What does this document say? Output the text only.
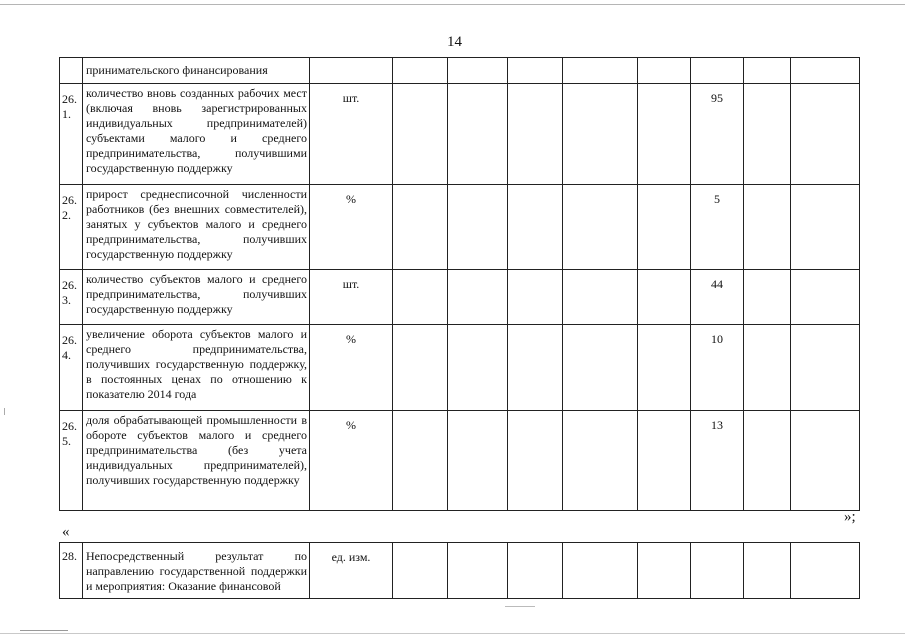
14
	принимательского финансирования									
26.
1.	количество вновь созданных рабочих мест (включая вновь зарегистрированных индивидуальных предпринимателей) субъектами малого и среднего предпринимательства, получившими государственную поддержку	шт.						95		
26.
2.	прирост среднесписочной численности работников (без внешних совместителей), занятых у субъектов малого и среднего предпринимательства, получивших государственную поддержку	%						5		
26.
3.	количество субъектов малого и среднего предпринимательства, получивших государственную поддержку	шт.						44		
26.
4.	увеличение оборота субъектов малого и среднего предпринимательства, получивших государственную поддержку, в постоянных ценах по отношению к показателю 2014 года	%						10		
26.
5.	доля обрабатывающей промышленности в обороте субъектов малого и среднего предпринимательства (без учета индивидуальных предпринимателей), получивших государственную поддержку	%						13		
»;
«
28.	Непосредственный результат по направлению государственной поддержки и мероприятия: Оказание финансовой	ед. изм.								
